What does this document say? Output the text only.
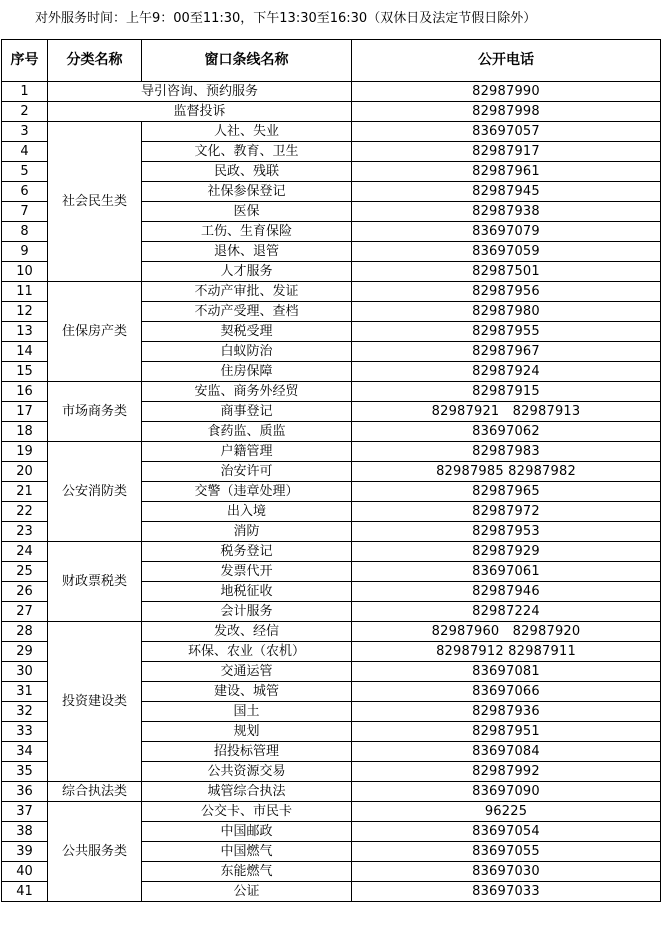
对外服务时间：上午9：00至11:30，下午13:30至16:30（双休日及法定节假日除外）
序号	分类名称	窗口条线名称	公开电话
1	导引咨询、预约服务		82987990
2	监督投诉		82987998
3	社会民生类	人社、失业	83697057
4		文化、教育、卫生	82987917
5		民政、残联	82987961
6		社保参保登记	82987945
7		医保	82987938
8		工伤、生育保险	83697079
9		退休、退管	83697059
10		人才服务	82987501
11	住保房产类	不动产审批、发证	82987956
12		不动产受理、查档	82987980
13		契税受理	82987955
14		白蚁防治	82987967
15		住房保障	82987924
16	市场商务类	安监、商务外经贸	82987915
17		商事登记	82987921　82987913
18		食药监、质监	83697062
19	公安消防类	户籍管理	82987983
20		治安许可	82987985 82987982
21		交警（违章处理）	82987965
22		出入境	82987972
23		消防	82987953
24	财政票税类	税务登记	82987929
25		发票代开	83697061
26		地税征收	82987946
27		会计服务	82987224
28	投资建设类	发改、经信	82987960　82987920
29		环保、农业（农机）	82987912 82987911
30		交通运管	83697081
31		建设、城管	83697066
32		国土	82987936
33		规划	82987951
34		招投标管理	83697084
35		公共资源交易	82987992
36	综合执法类	城管综合执法	83697090
37	公共服务类	公交卡、市民卡	96225
38		中国邮政	83697054
39		中国燃气	83697055
40		东能燃气	83697030
41		公证	83697033
